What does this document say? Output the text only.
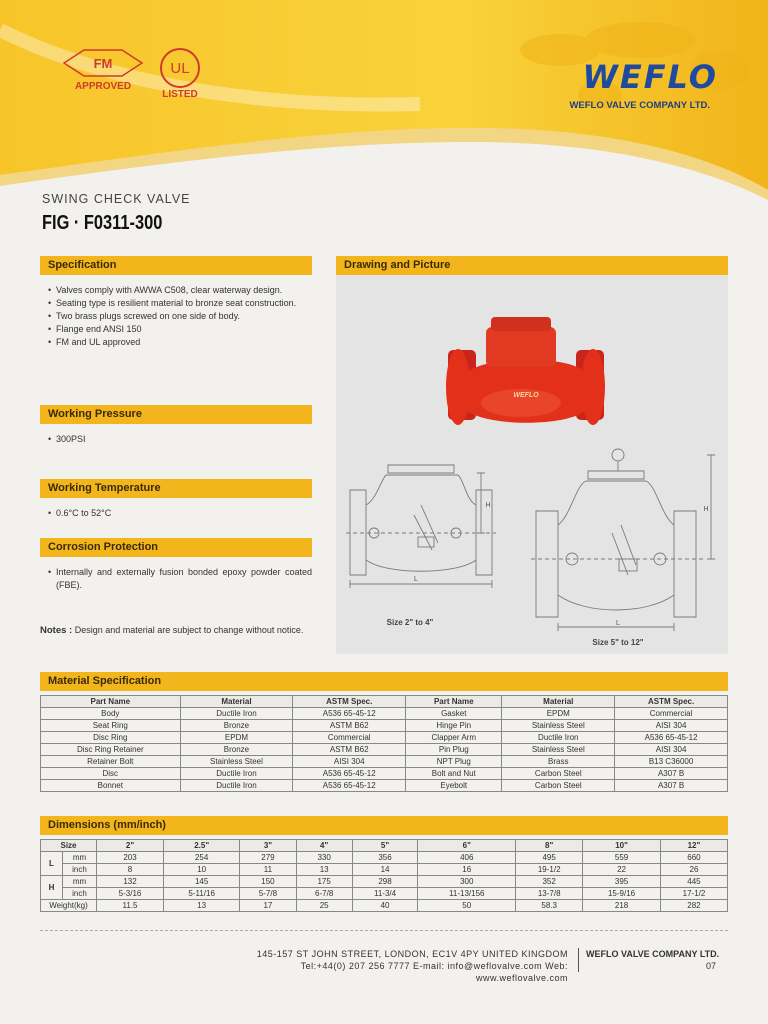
FM
APPROVED
UL
LISTED	WEFLO
WEFLO VALVE COMPANY LTD.
SWING CHECK VALVE
FIG · F0311-300
Specification
• Valves comply with AWWA C508, clear waterway design.
• Seating type is resilient material to bronze seat construction.
• Two brass plugs screwed on one side of body.
• Flange end ANSI 150
• FM and UL approved
Working Pressure
• 300PSI
Working Temperature
• 0.6°C to 52°C
Corrosion Protection
• Internally and externally fusion bonded epoxy powder coated (FBE).
Notes : Design and material are subject to change without notice.
Drawing and Picture
WEFLO
L
H
L
H
Size 2" to 4"
Size 5" to 12"
Material Specification
Part Name	Material	ASTM Spec.	Part Name	Material	ASTM Spec.
Body	Ductile Iron	A536 65-45-12	Gasket	EPDM	Commercial
Seat Ring	Bronze	ASTM B62	Hinge Pin	Stainless Steel	AISI 304
Disc Ring	EPDM	Commercial	Clapper Arm	Ductile Iron	A536 65-45-12
Disc Ring Retainer	Bronze	ASTM B62	Pin Plug	Stainless Steel	AISI 304
Retainer Bolt	Stainless Steel	AISI 304	NPT Plug	Brass	B13 C36000
Disc	Ductile Iron	A536 65-45-12	Bolt and Nut	Carbon Steel	A307 B
Bonnet	Ductile Iron	A536 65-45-12	Eyebolt	Carbon Steel	A307 B
Dimensions (mm/inch)
Size		2"	2.5"	3"	4"	5"	6"	8"	10"	12"
L	mm	203	254	279	330	356	406	495	559	660
	inch	8	10	11	13	14	16	19-1/2	22	26
H	mm	132	145	150	175	298	300	352	395	445
	inch	5-3/16	5-11/16	5-7/8	6-7/8	11-3/4	11-13/156	13-7/8	15-9/16	17-1/2
Weight(kg)		11.5	13	17	25	40	50	58.3	218	282
145-157 ST JOHN STREET, LONDON, EC1V 4PY UNITED KINGDOM
Tel:+44(0) 207 256 7777 E-mail: info@weflovalve.com Web: www.weflovalve.com
WEFLO VALVE COMPANY LTD.
07
